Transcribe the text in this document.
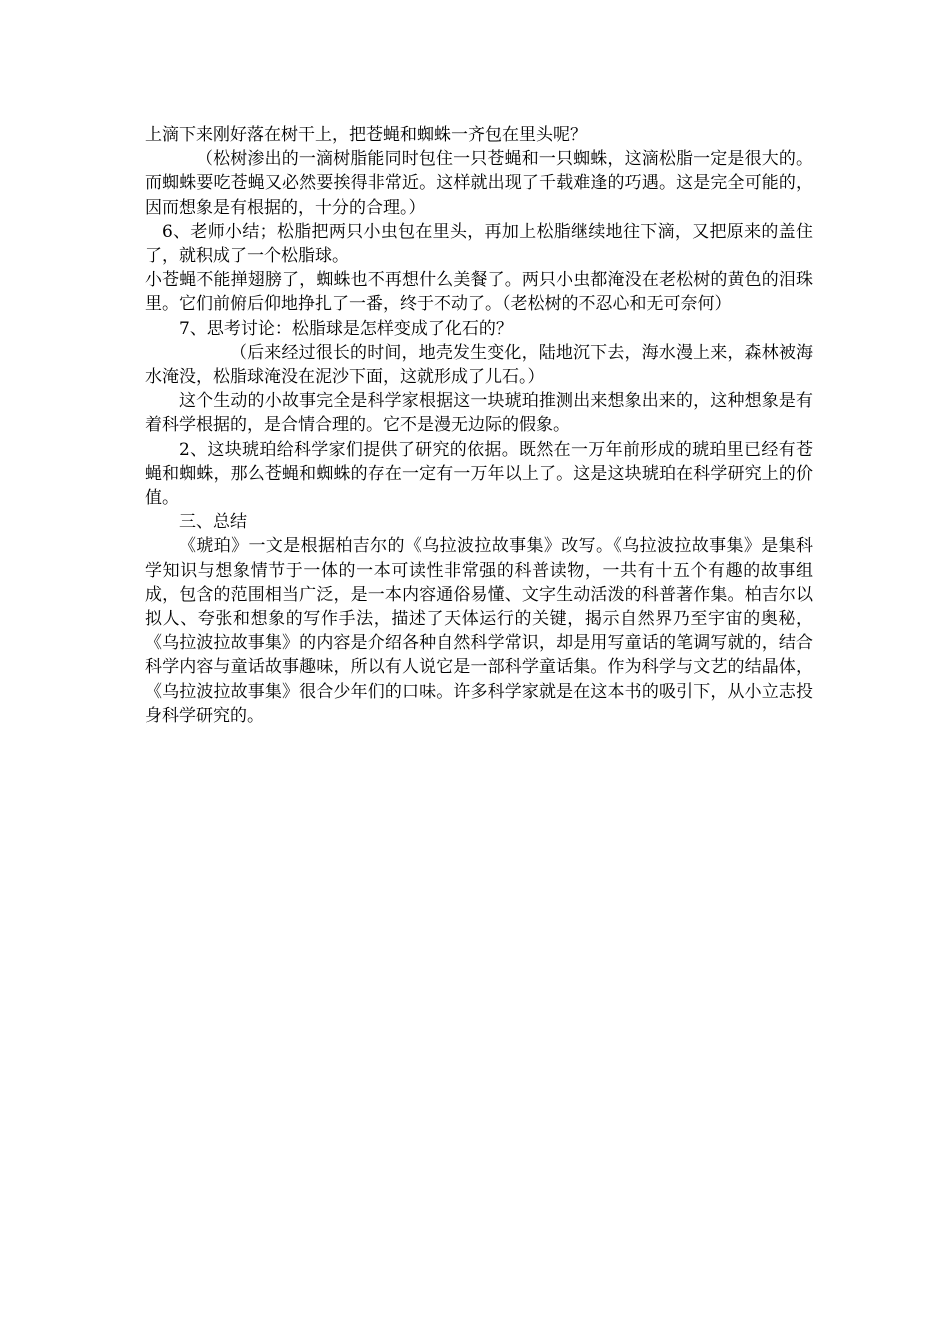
上滴下来刚好落在树干上，把苍蝇和蜘蛛一齐包在里头呢？

（松树渗出的一滴树脂能同时包住一只苍蝇和一只蜘蛛，这滴松脂一定是很大的。而蜘蛛要吃苍蝇又必然要挨得非常近。这样就出现了千载难逢的巧遇。这是完全可能的，因而想象是有根据的，十分的合理。）

6、老师小结；松脂把两只小虫包在里头，再加上松脂继续地往下滴，又把原来的盖住了，就积成了一个松脂球。

小苍蝇不能掸翅膀了，蜘蛛也不再想什么美餐了。两只小虫都淹没在老松树的黄色的泪珠里。它们前俯后仰地挣扎了一番，终于不动了。（老松树的不忍心和无可奈何）

7、思考讨论：松脂球是怎样变成了化石的？

（后来经过很长的时间，地壳发生变化，陆地沉下去，海水漫上来，森林被海水淹没，松脂球淹没在泥沙下面，这就形成了儿石。）

这个生动的小故事完全是科学家根据这一块琥珀推测出来想象出来的，这种想象是有着科学根据的，是合情合理的。它不是漫无边际的假象。

2、这块琥珀给科学家们提供了研究的依据。既然在一万年前形成的琥珀里已经有苍蝇和蜘蛛，那么苍蝇和蜘蛛的存在一定有一万年以上了。这是这块琥珀在科学研究上的价值。

三、总结

《琥珀》一文是根据柏吉尔的《乌拉波拉故事集》改写。《乌拉波拉故事集》是集科学知识与想象情节于一体的一本可读性非常强的科普读物，一共有十五个有趣的故事组成，包含的范围相当广泛，是一本内容通俗易懂、文字生动活泼的科普著作集。柏吉尔以拟人、夸张和想象的写作手法，描述了天体运行的关键，揭示自然界乃至宇宙的奥秘，《乌拉波拉故事集》的内容是介绍各种自然科学常识，却是用写童话的笔调写就的，结合科学内容与童话故事趣味，所以有人说它是一部科学童话集。作为科学与文艺的结晶体，《乌拉波拉故事集》很合少年们的口味。许多科学家就是在这本书的吸引下，从小立志投身科学研究的。
